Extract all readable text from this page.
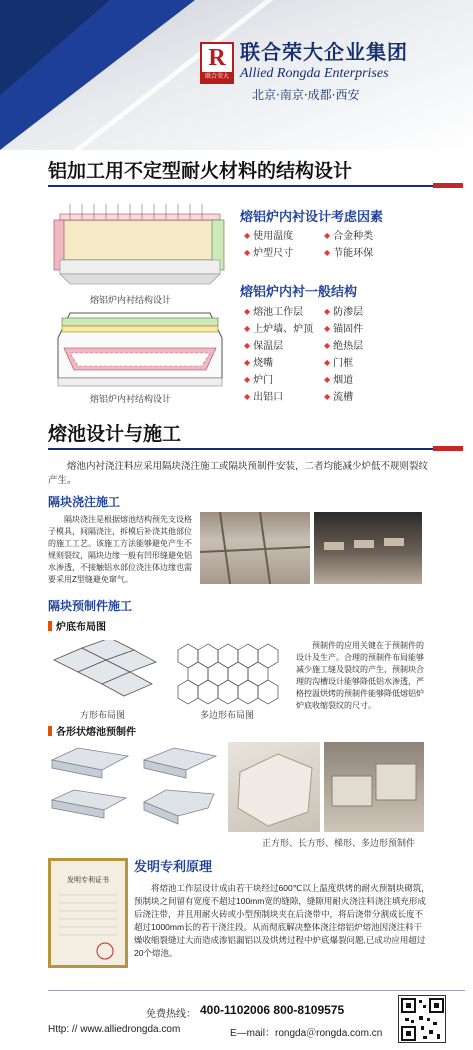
R
联合荣大
联合荣大企业集团
Allied Rongda Enterprises
北京·南京·成都·西安
铝加工用不定型耐火材料的结构设计
熔铝炉内衬结构设计
熔铝炉内衬结构设计
熔铝炉内衬设计考虑因素
◆ 使用温度	◆ 合金种类
◆ 炉型尺寸	◆ 节能环保
熔铝炉内衬一般结构
◆ 熔池工作层	◆ 防渗层
◆ 上炉墙、炉顶	◆ 锚固件
◆ 保温层	◆ 绝热层
◆ 烧嘴	◆ 门框
◆ 炉门	◆ 烟道
◆ 出铝口	◆ 流槽
熔池设计与施工
熔池内衬浇注料应采用隔块浇注施工或隔块预制件安装，二者均能减少炉低不规则裂纹产生。
隔块浇注施工
隔块浇注是根据熔池结构预先支设格子模具，间隔浇注，拆模后补浇其他部位的施工工艺。该施工方法能够避免产生不规则裂纹，隔块边缘一般有凹形缝避免铝水渗透，不接触铝水部位浇注体边缘也需要采用Z型缝避免窜气。
隔块预制件施工
炉底布局图
方形布局图	多边形布局图
预制件的应用关键在于预制件的设计及生产。合理的预制件布局能够减少施工缝及裂纹的产生，预制块合理的沟槽设计能够降低铝水渗透，严格控温烘烤的预制件能够降低熔铝炉炉底收缩裂纹的尺寸。
各形状熔池预制件
正方形、长方形、梯形、多边形预制件
发明专利证书
发明专利原理
将熔池工作层设计成由若干块经过600℃以上温度烘烤的耐火预制块砌筑，预制块之间留有宽度不超过100mm宽的缝隙，缝隙用耐火浇注料浇注填充形成后浇注带，并且用耐火砖或小型预制块夹在后浇带中，将后浇带分割成长度不超过1000mm长的若干浇注段。从而彻底解决整体浇注熔铝炉熔池因浇注料干燥收缩裂缝过大而造成渗铝漏铝以及烘烤过程中炉底爆裂问题,已成功应用超过20个熔池。
免费热线： 400-1102006 800-8109575
Http: // www.alliedrongda.com	E—mail：rongda＠rongda.com.cn
